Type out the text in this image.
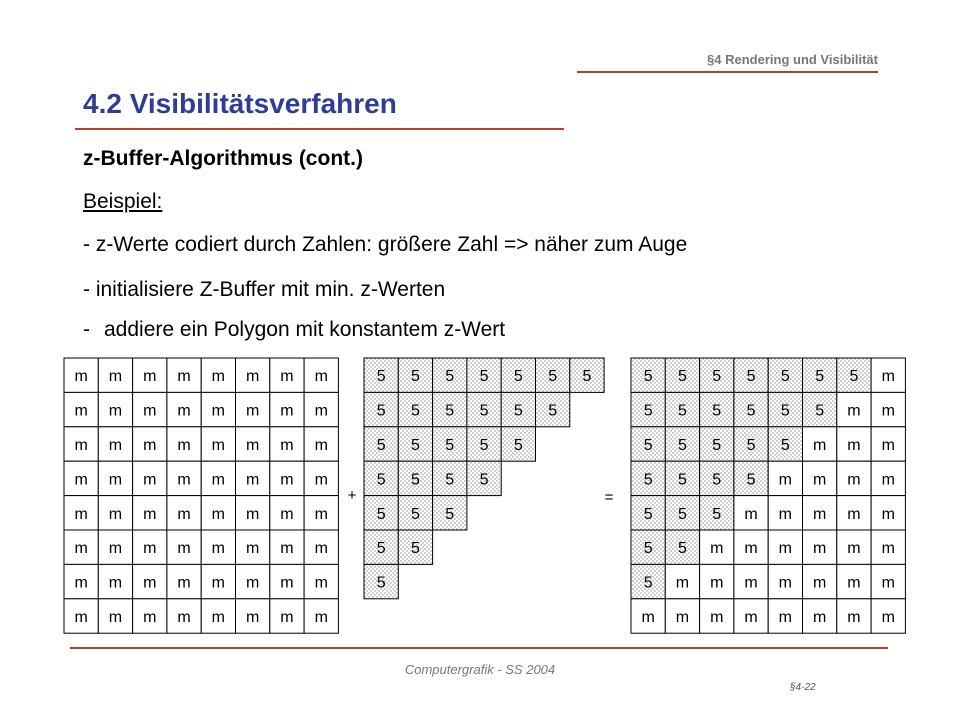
§4 Rendering und Visibilität
4.2 Visibilitätsverfahren
z-Buffer-Algorithmus (cont.)
Beispiel:
- z-Werte codiert durch Zahlen: größere Zahl => näher zum Auge
- initialisiere Z-Buffer mit min. z-Werten
- addiere ein Polygon mit konstantem z-Wert
m m m m m m m m
m m m m m m m m
m m m m m m m m
m m m m m m m m
m m m m m m m m
m m m m m m m m
m m m m m m m m
m m m m m m m m
5 5 5 5 5 5 5
5 5 5 5 5 5
5 5 5 5 5
5 5 5 5
5 5 5
5 5
5
5 5 5 5 5 5 5 m
5 5 5 5 5 5 m m
5 5 5 5 5 m m m
5 5 5 5 m m m m
5 5 5 m m m m m
5 5 m m m m m m
5 m m m m m m m
m m m m m m m m
+	=
Computergrafik - SS 2004
§4-22
